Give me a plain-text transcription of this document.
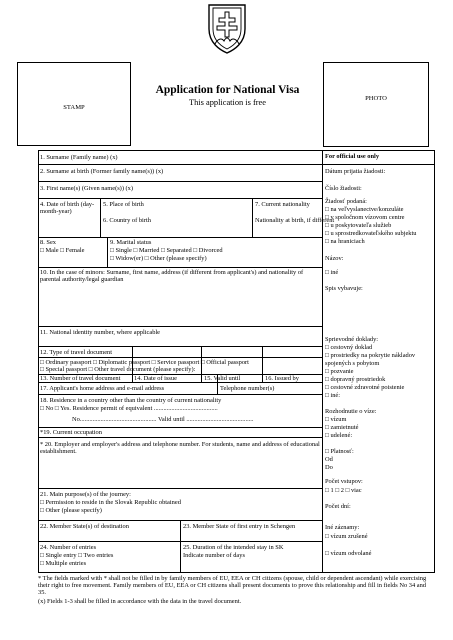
STAMP
PHOTO
Application for National Visa
This application is free
1. Surname (Family name) (x)
2. Surname at birth (Former family name(s)) (x)
3. First name(s) (Given name(s)) (x)
4. Date of birth (day-month-year)
5. Place of birth
6. Country of birth
7. Current nationality
Nationality at birth, if different
8. Sex
□ Male □ Female
9. Marital status
□ Single □ Married □ Separated □ Divorced
□ Widow(er) □ Other (please specify)
10. In the case of minors: Surname, first name, address (if different from applicant's) and nationality of parental authority/legal guardian
11. National identity number, where applicable
12. Type of travel document
□ Ordinary passport □ Diplomatic passport □ Service passport □ Official passport
□ Special passport □ Other travel document (please specify):
13. Number of travel document 14. Date of issue	15. Valid until	16. Issued by
17. Applicant's home address and e-mail address	Telephone number(s)
18. Residence in a country other than the country of current nationality
□ No □ Yes. Residence permit of equivalent ........................................
No................................................ Valid until ..........................................
*19. Current occupation
* 20. Employer and employer's address and telephone number. For students, name and address of educational establishment.
21. Main purpose(s) of the journey:
□ Permission to reside in the Slovak Republic obtained
□ Other (please specify)
22. Member State(s) of destination	23. Member State of first entry in Schengen
24. Number of entries
□ Single entry □ Two entries
□ Multiple entries
25. Duration of the intended stay in SK
Indicate number of days
For official use only
Dátum prijatia žiadosti:
Číslo žiadosti:
Žiadosť podaná:
□ na veľvyslanectve/konzuláte
□ v spoločnom vízovom centre
□ u poskytovateľa služieb
□ u sprostredkovateľského subjektu
□ na hraniciach
Názov:
□ iné
Spis vybavuje:
Sprievodné doklady:
□ cestovný doklad
□ prostriedky na pokrytie nákladov
spojených s pobytom
□ pozvanie
□ dopravný prostriedok
□ cestovné zdravotné poistenie
□ iné:
Rozhodnutie o víze:
□ vízum
□ zamietnuté
□ udelené:
□ Platnosť:
Od
Do
Počet vstupov:
□ 1 □ 2 □ viac
Počet dní:
Iné záznamy:
□ vízum zrušené
□ vízum odvolané
* The fields marked with * shall not be filled in by family members of EU, EEA or CH citizens (spouse, child or dependent ascendant) while exercising their right to free movement. Family members of EU, EEA or CH citizens shall present documents to prove this relationship and fill in fields No 34 and 35.
(x) Fields 1-3 shall be filled in accordance with the data in the travel document.
